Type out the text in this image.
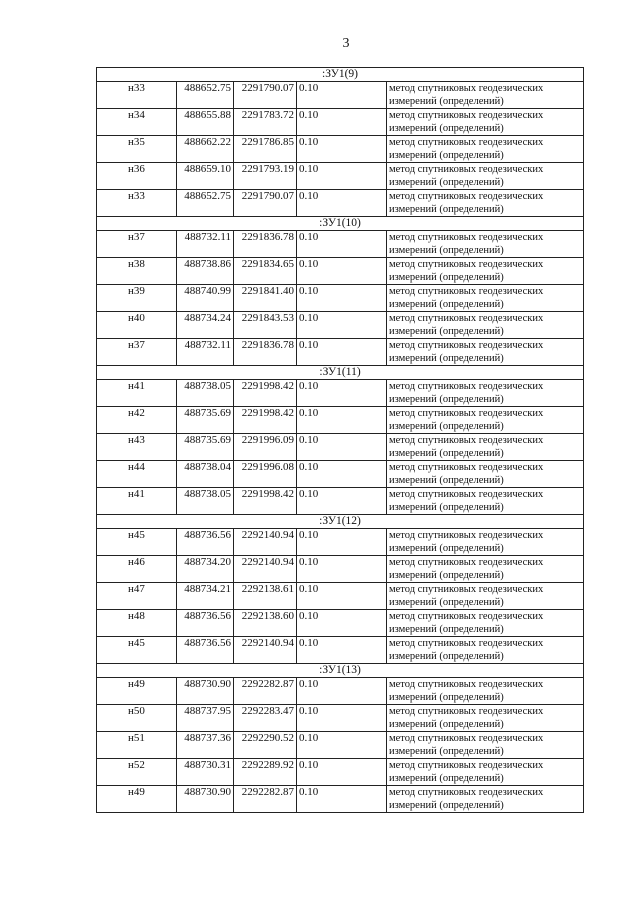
3
:ЗУ1(9)				
н33	488652.75	2291790.07	0.10	метод спутниковых геодезических измерений (определений)
н34	488655.88	2291783.72	0.10	метод спутниковых геодезических измерений (определений)
н35	488662.22	2291786.85	0.10	метод спутниковых геодезических измерений (определений)
н36	488659.10	2291793.19	0.10	метод спутниковых геодезических измерений (определений)
н33	488652.75	2291790.07	0.10	метод спутниковых геодезических измерений (определений)
:ЗУ1(10)				
н37	488732.11	2291836.78	0.10	метод спутниковых геодезических измерений (определений)
н38	488738.86	2291834.65	0.10	метод спутниковых геодезических измерений (определений)
н39	488740.99	2291841.40	0.10	метод спутниковых геодезических измерений (определений)
н40	488734.24	2291843.53	0.10	метод спутниковых геодезических измерений (определений)
н37	488732.11	2291836.78	0.10	метод спутниковых геодезических измерений (определений)
:ЗУ1(11)				
н41	488738.05	2291998.42	0.10	метод спутниковых геодезических измерений (определений)
н42	488735.69	2291998.42	0.10	метод спутниковых геодезических измерений (определений)
н43	488735.69	2291996.09	0.10	метод спутниковых геодезических измерений (определений)
н44	488738.04	2291996.08	0.10	метод спутниковых геодезических измерений (определений)
н41	488738.05	2291998.42	0.10	метод спутниковых геодезических измерений (определений)
:ЗУ1(12)				
н45	488736.56	2292140.94	0.10	метод спутниковых геодезических измерений (определений)
н46	488734.20	2292140.94	0.10	метод спутниковых геодезических измерений (определений)
н47	488734.21	2292138.61	0.10	метод спутниковых геодезических измерений (определений)
н48	488736.56	2292138.60	0.10	метод спутниковых геодезических измерений (определений)
н45	488736.56	2292140.94	0.10	метод спутниковых геодезических измерений (определений)
:ЗУ1(13)				
н49	488730.90	2292282.87	0.10	метод спутниковых геодезических измерений (определений)
н50	488737.95	2292283.47	0.10	метод спутниковых геодезических измерений (определений)
н51	488737.36	2292290.52	0.10	метод спутниковых геодезических измерений (определений)
н52	488730.31	2292289.92	0.10	метод спутниковых геодезических измерений (определений)
н49	488730.90	2292282.87	0.10	метод спутниковых геодезических измерений (определений)
